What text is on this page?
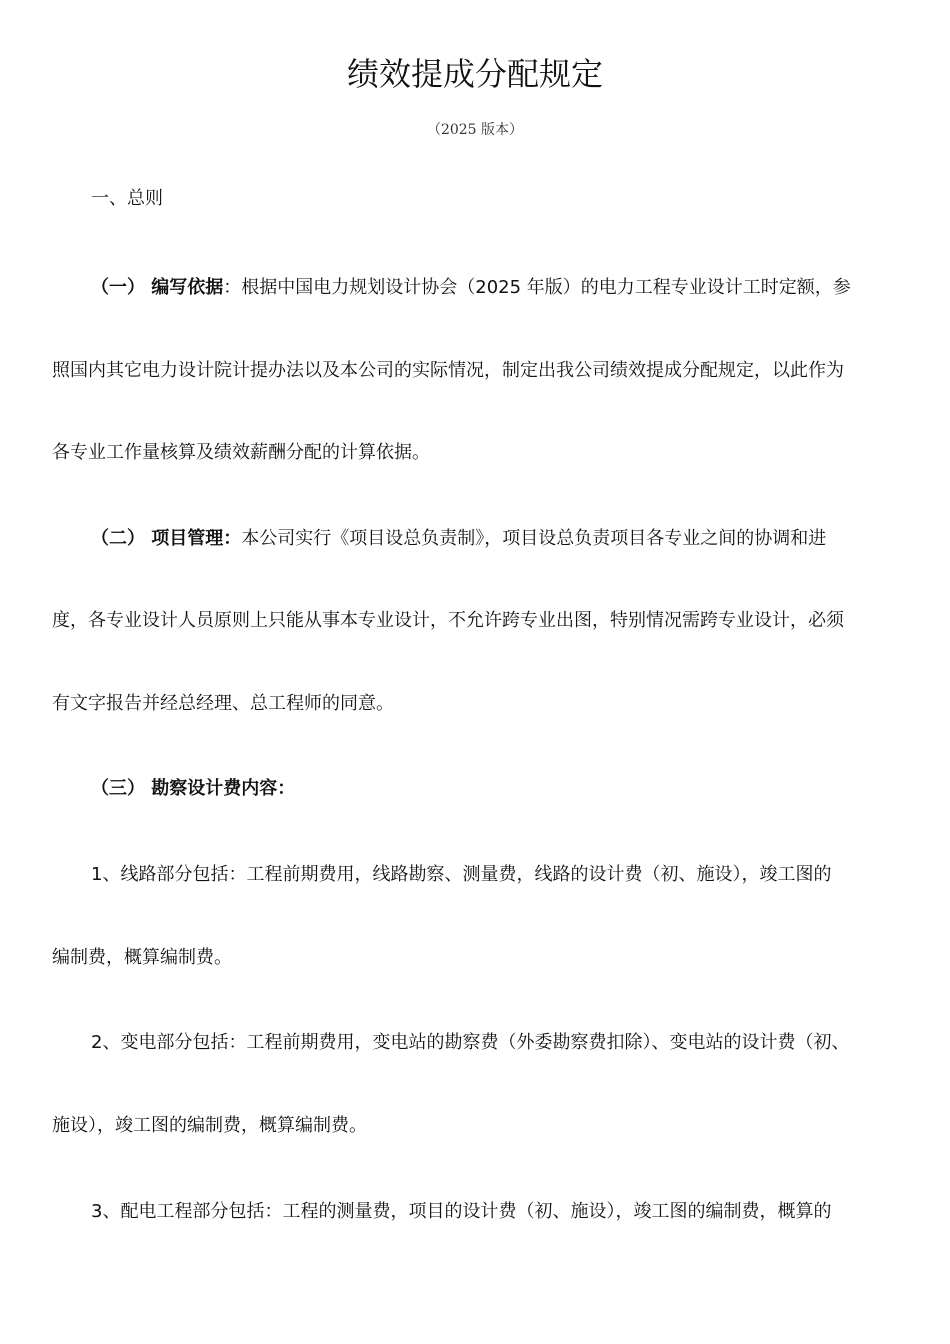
绩效提成分配规定
（2025 版本）
一、总则
（一） 编写依据：根据中国电力规划设计协会（2025 年版）的电力工程专业设计工时定额，参
照国内其它电力设计院计提办法以及本公司的实际情况，制定出我公司绩效提成分配规定，以此作为
各专业工作量核算及绩效薪酬分配的计算依据。
（二） 项目管理：本公司实行《项目设总负责制》，项目设总负责项目各专业之间的协调和进
度，各专业设计人员原则上只能从事本专业设计，不允许跨专业出图，特别情况需跨专业设计，必须
有文字报告并经总经理、总工程师的同意。
（三） 勘察设计费内容：
1、线路部分包括：工程前期费用，线路勘察、测量费，线路的设计费（初、施设），竣工图的
编制费，概算编制费。
2、变电部分包括：工程前期费用，变电站的勘察费（外委勘察费扣除）、变电站的设计费（初、
施设），竣工图的编制费，概算编制费。
3、配电工程部分包括：工程的测量费，项目的设计费（初、施设），竣工图的编制费，概算的
